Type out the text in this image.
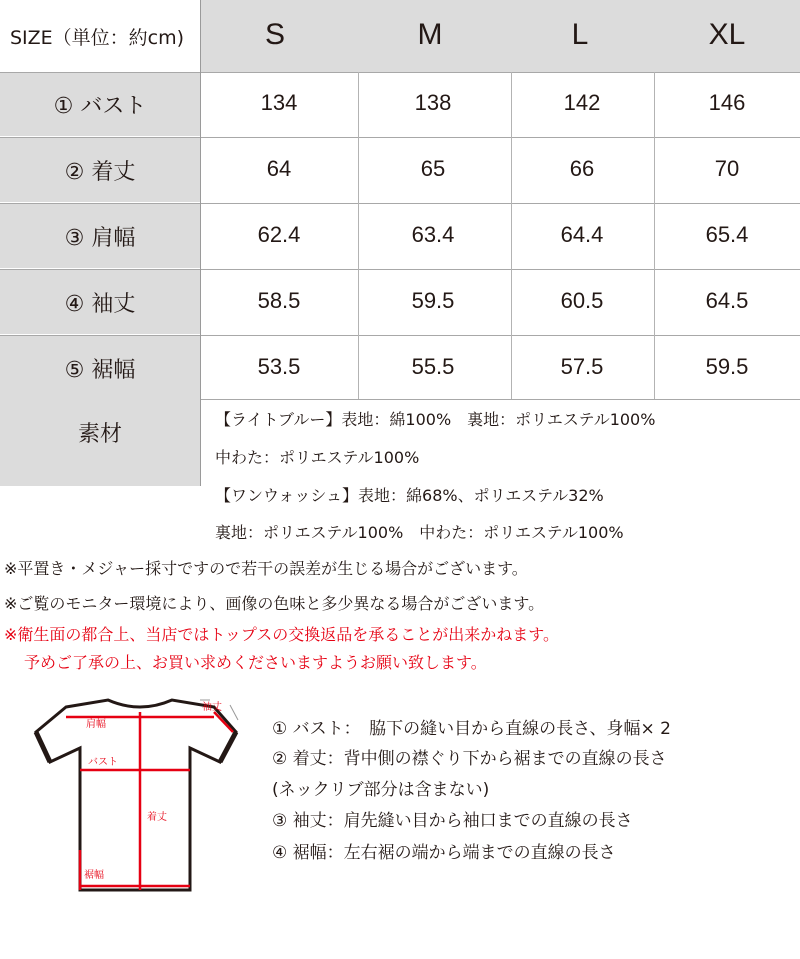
SIZE（単位：約cm)	S	M	L	XL
① バスト	134	138	142	146
② 着丈	64	65	66	70
③ 肩幅	62.4	63.4	64.4	65.4
④ 袖丈	58.5	59.5	60.5	64.5
⑤ 裾幅	53.5	55.5	57.5	59.5
素材
【ライトブルー】表地：綿100%　裏地：ポリエステル100%
中わた：ポリエステル100%
【ワンウォッシュ】表地：綿68%、ポリエステル32%
裏地：ポリエステル100%　中わた：ポリエステル100%
※平置き・メジャー採寸ですので若干の誤差が生じる場合がございます。
※ご覧のモニター環境により、画像の色味と多少異なる場合がございます。
※衛生面の都合上、当店ではトップスの交換返品を承ることが出来かねます。
予めご了承の上、お買い求めくださいますようお願い致します。
肩幅
袖丈
バスト
着丈
裾幅
① バスト：　脇下の縫い目から直線の長さ、身幅× 2
② 着丈：背中側の襟ぐり下から裾までの直線の長さ
(ネックリブ部分は含まない)
③ 袖丈：肩先縫い目から袖口までの直線の長さ
④ 裾幅：左右裾の端から端までの直線の長さ
